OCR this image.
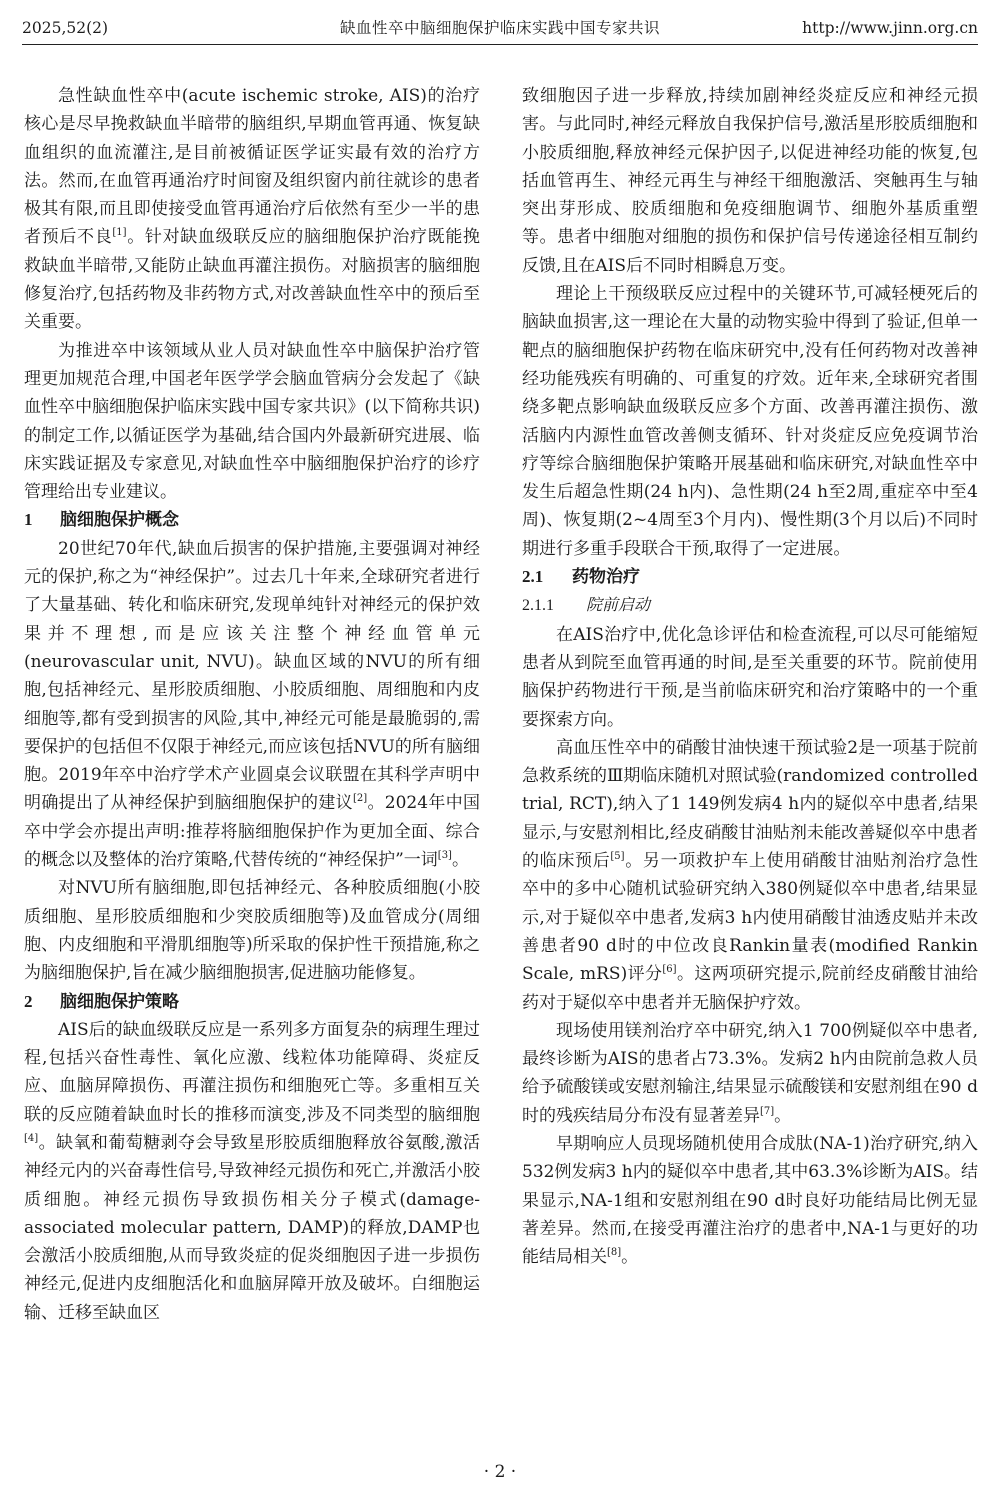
2025,52(2)	缺血性卒中脑细胞保护临床实践中国专家共识	http://www.jinn.org.cn

急性缺血性卒中(acute ischemic stroke, AIS)的治疗核心是尽早挽救缺血半暗带的脑组织,早期血管再通、恢复缺血组织的血流灌注,是目前被循证医学证实最有效的治疗方法。然而,在血管再通治疗时间窗及组织窗内前往就诊的患者极其有限,而且即使接受血管再通治疗后依然有至少一半的患者预后不良[1]。针对缺血级联反应的脑细胞保护治疗既能挽救缺血半暗带,又能防止缺血再灌注损伤。对脑损害的脑细胞修复治疗,包括药物及非药物方式,对改善缺血性卒中的预后至关重要。

为推进卒中该领域从业人员对缺血性卒中脑保护治疗管理更加规范合理,中国老年医学学会脑血管病分会发起了《缺血性卒中脑细胞保护临床实践中国专家共识》(以下简称共识)的制定工作,以循证医学为基础,结合国内外最新研究进展、临床实践证据及专家意见,对缺血性卒中脑细胞保护治疗的诊疗管理给出专业建议。

1 脑细胞保护概念

20世纪70年代,缺血后损害的保护措施,主要强调对神经元的保护,称之为“神经保护”。过去几十年来,全球研究者进行了大量基础、转化和临床研究,发现单纯针对神经元的保护效果并不理想,而是应该关注整个神经血管单元(neurovascular unit, NVU)。缺血区域的NVU的所有细胞,包括神经元、星形胶质细胞、小胶质细胞、周细胞和内皮细胞等,都有受到损害的风险,其中,神经元可能是最脆弱的,需要保护的包括但不仅限于神经元,而应该包括NVU的所有脑细胞。2019年卒中治疗学术产业圆桌会议联盟在其科学声明中明确提出了从神经保护到脑细胞保护的建议[2]。2024年中国卒中学会亦提出声明:推荐将脑细胞保护作为更加全面、综合的概念以及整体的治疗策略,代替传统的“神经保护”一词[3]。

对NVU所有脑细胞,即包括神经元、各种胶质细胞(小胶质细胞、星形胶质细胞和少突胶质细胞等)及血管成分(周细胞、内皮细胞和平滑肌细胞等)所采取的保护性干预措施,称之为脑细胞保护,旨在减少脑细胞损害,促进脑功能修复。

2 脑细胞保护策略

AIS后的缺血级联反应是一系列多方面复杂的病理生理过程,包括兴奋性毒性、氧化应激、线粒体功能障碍、炎症反应、血脑屏障损伤、再灌注损伤和细胞死亡等。多重相互关联的反应随着缺血时长的推移而演变,涉及不同类型的脑细胞[4]。缺氧和葡萄糖剥夺会导致星形胶质细胞释放谷氨酸,激活神经元内的兴奋毒性信号,导致神经元损伤和死亡,并激活小胶质细胞。神经元损伤导致损伤相关分子模式(damage-associated molecular pattern, DAMP)的释放,DAMP也会激活小胶质细胞,从而导致炎症的促炎细胞因子进一步损伤神经元,促进内皮细胞活化和血脑屏障开放及破坏。白细胞运输、迁移至缺血区

致细胞因子进一步释放,持续加剧神经炎症反应和神经元损害。与此同时,神经元释放自我保护信号,激活星形胶质细胞和小胶质细胞,释放神经元保护因子,以促进神经功能的恢复,包括血管再生、神经元再生与神经干细胞激活、突触再生与轴突出芽形成、胶质细胞和免疫细胞调节、细胞外基质重塑等。患者中细胞对细胞的损伤和保护信号传递途径相互制约反馈,且在AIS后不同时相瞬息万变。

理论上干预级联反应过程中的关键环节,可减轻梗死后的脑缺血损害,这一理论在大量的动物实验中得到了验证,但单一靶点的脑细胞保护药物在临床研究中,没有任何药物对改善神经功能残疾有明确的、可重复的疗效。近年来,全球研究者围绕多靶点影响缺血级联反应多个方面、改善再灌注损伤、激活脑内内源性血管改善侧支循环、针对炎症反应免疫调节治疗等综合脑细胞保护策略开展基础和临床研究,对缺血性卒中发生后超急性期(24 h内)、急性期(24 h至2周,重症卒中至4周)、恢复期(2~4周至3个月内)、慢性期(3个月以后)不同时期进行多重手段联合干预,取得了一定进展。

2.1 药物治疗
2.1.1 院前启动

在AIS治疗中,优化急诊评估和检查流程,可以尽可能缩短患者从到院至血管再通的时间,是至关重要的环节。院前使用脑保护药物进行干预,是当前临床研究和治疗策略中的一个重要探索方向。

高血压性卒中的硝酸甘油快速干预试验2是一项基于院前急救系统的Ⅲ期临床随机对照试验(randomized controlled trial, RCT),纳入了1 149例发病4 h内的疑似卒中患者,结果显示,与安慰剂相比,经皮硝酸甘油贴剂未能改善疑似卒中患者的临床预后[5]。另一项救护车上使用硝酸甘油贴剂治疗急性卒中的多中心随机试验研究纳入380例疑似卒中患者,结果显示,对于疑似卒中患者,发病3 h内使用硝酸甘油透皮贴并未改善患者90 d时的中位改良Rankin量表(modified Rankin Scale, mRS)评分[6]。这两项研究提示,院前经皮硝酸甘油给药对于疑似卒中患者并无脑保护疗效。

现场使用镁剂治疗卒中研究,纳入1 700例疑似卒中患者,最终诊断为AIS的患者占73.3%。发病2 h内由院前急救人员给予硫酸镁或安慰剂输注,结果显示硫酸镁和安慰剂组在90 d时的残疾结局分布没有显著差异[7]。

早期响应人员现场随机使用合成肽(NA-1)治疗研究,纳入532例发病3 h内的疑似卒中患者,其中63.3%诊断为AIS。结果显示,NA-1组和安慰剂组在90 d时良好功能结局比例无显著差异。然而,在接受再灌注治疗的患者中,NA-1与更好的功能结局相关[8]。

· 2 ·
